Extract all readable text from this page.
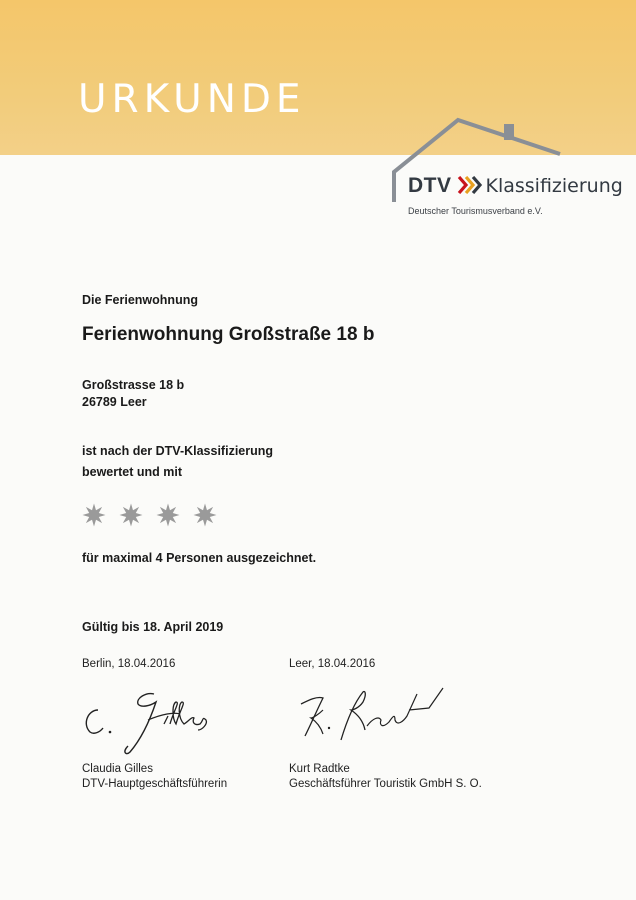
URKUNDE
DTV Klassifizierung
Deutscher Tourismusverband e.V.
Die Ferienwohnung
Ferienwohnung Großstraße 18 b
Großstrasse 18 b
26789 Leer
ist nach der DTV-Klassifizierung
bewertet und mit
für maximal 4 Personen ausgezeichnet.
Gültig bis 18. April 2019
Berlin, 18.04.2016
Claudia Gilles
DTV-Hauptgeschäftsführerin
Leer, 18.04.2016
Kurt Radtke
Geschäftsführer Touristik GmbH S. O.
